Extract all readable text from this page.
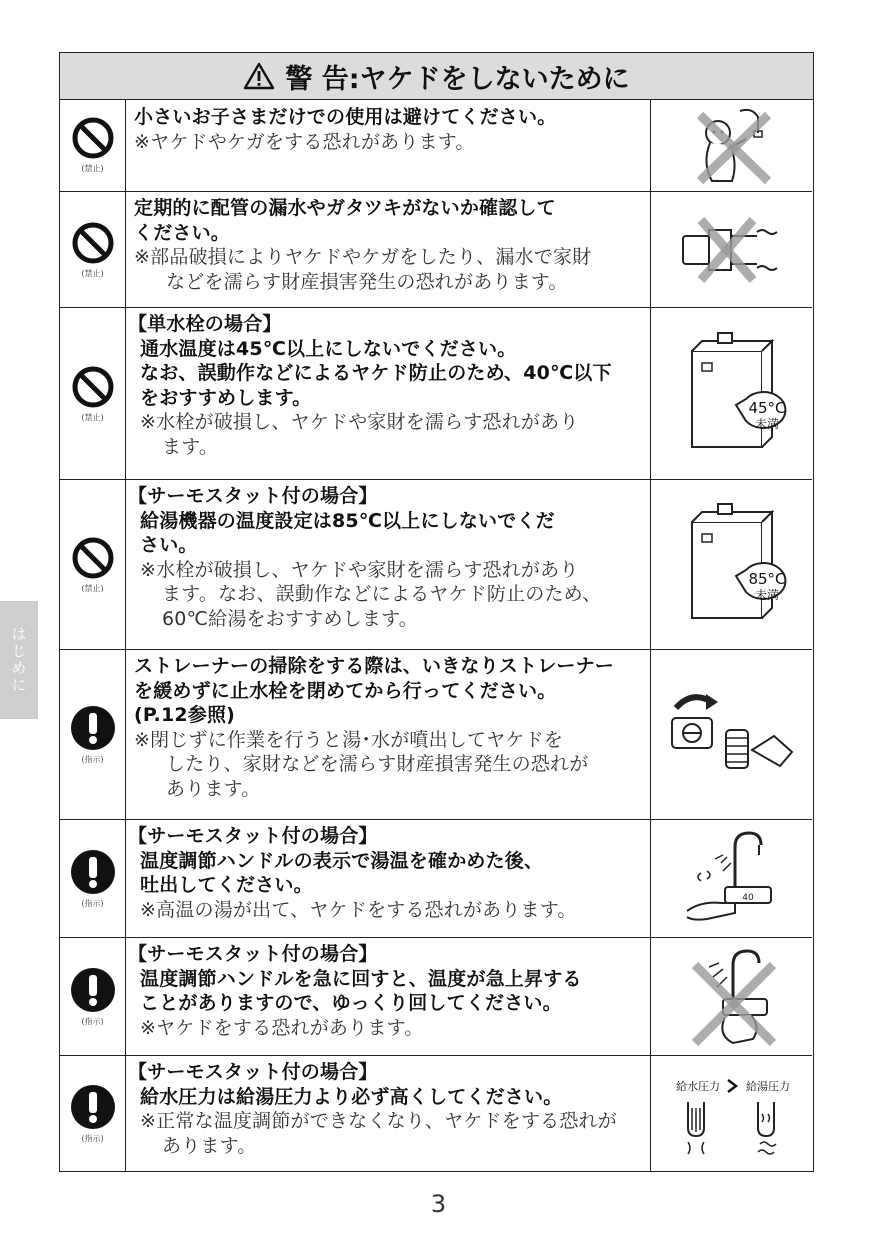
警 告:ヤケドをしないために
(禁止)
小さいお子さまだけでの使用は避けてください。
※ヤケドやケガをする恐れがあります。
(禁止)
定期的に配管の漏水やガタツキがないか確認して
ください。
※部品破損によりヤケドやケガをしたり、漏水で家財
などを濡らす財産損害発生の恐れがあります。
(禁止)
【単水栓の場合】
通水温度は45℃以上にしないでください。
なお、誤動作などによるヤケド防止のため、40℃以下
をおすすめします。
※水栓が破損し、ヤケドや家財を濡らす恐れがあり
ます。
45°C
未満
(禁止)
【サーモスタット付の場合】
給湯機器の温度設定は85℃以上にしないでくだ
さい。
※水栓が破損し、ヤケドや家財を濡らす恐れがあり
ます。なお、誤動作などによるヤケド防止のため、
60℃給湯をおすすめします。
85°C
未満
(指示)
ストレーナーの掃除をする際は、いきなりストレーナー
を緩めずに止水栓を閉めてから行ってください。
(P.12参照)
※閉じずに作業を行うと湯･水が噴出してヤケドを
したり、家財などを濡らす財産損害発生の恐れが
あります。
(指示)
【サーモスタット付の場合】
温度調節ハンドルの表示で湯温を確かめた後、
吐出してください。
※高温の湯が出て、ヤケドをする恐れがあります。
40
(指示)
【サーモスタット付の場合】
温度調節ハンドルを急に回すと、温度が急上昇する
ことがありますので、ゆっくり回してください。
※ヤケドをする恐れがあります。
(指示)
【サーモスタット付の場合】
給水圧力は給湯圧力より必ず高くしてください。
※正常な温度調節ができなくなり、ヤケドをする恐れが
あります。
給水圧力 給湯圧力
はじめに
3
